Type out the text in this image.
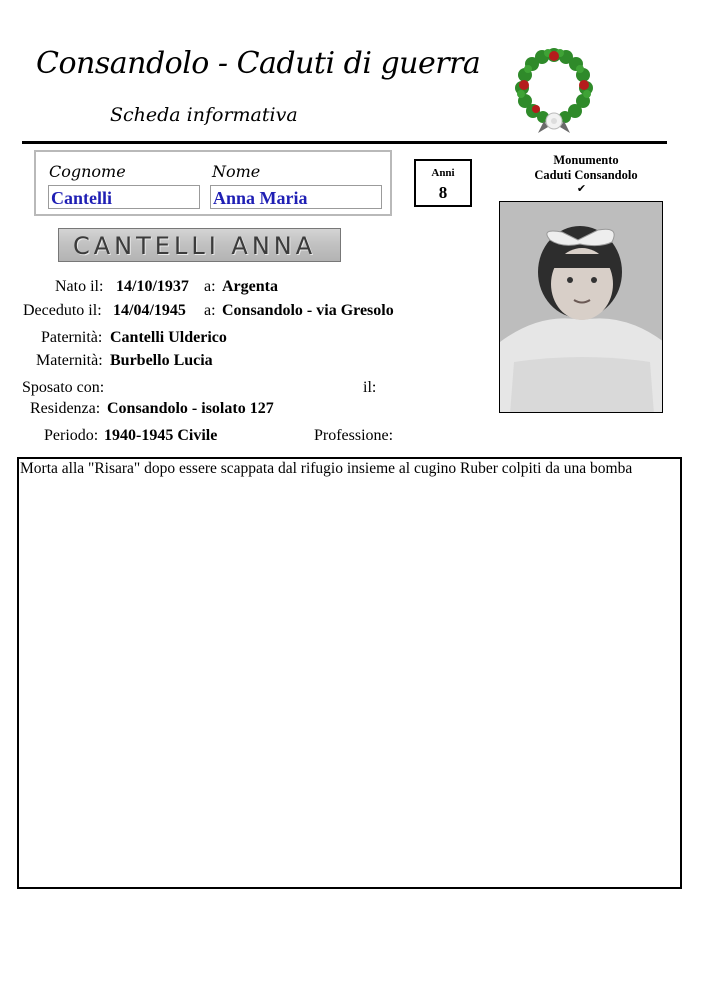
Consandolo - Caduti di guerra
Scheda informativa
Cognome	Nome
Cantelli	Anna Maria
Anni
8
Monumento
Caduti Consandolo
✔
CANTELLI ANNA
Nato il: 14/10/1937 a: Argenta
Deceduto il: 14/04/1945 a: Consandolo - via Gresolo
Paternità: Cantelli Ulderico
Maternità: Burbello Lucia
Sposato con:	il:
Residenza: Consandolo - isolato 127
Periodo: 1940-1945 Civile	Professione:
Morta alla "Risara" dopo essere scappata dal rifugio insieme al cugino Ruber colpiti da una bomba
